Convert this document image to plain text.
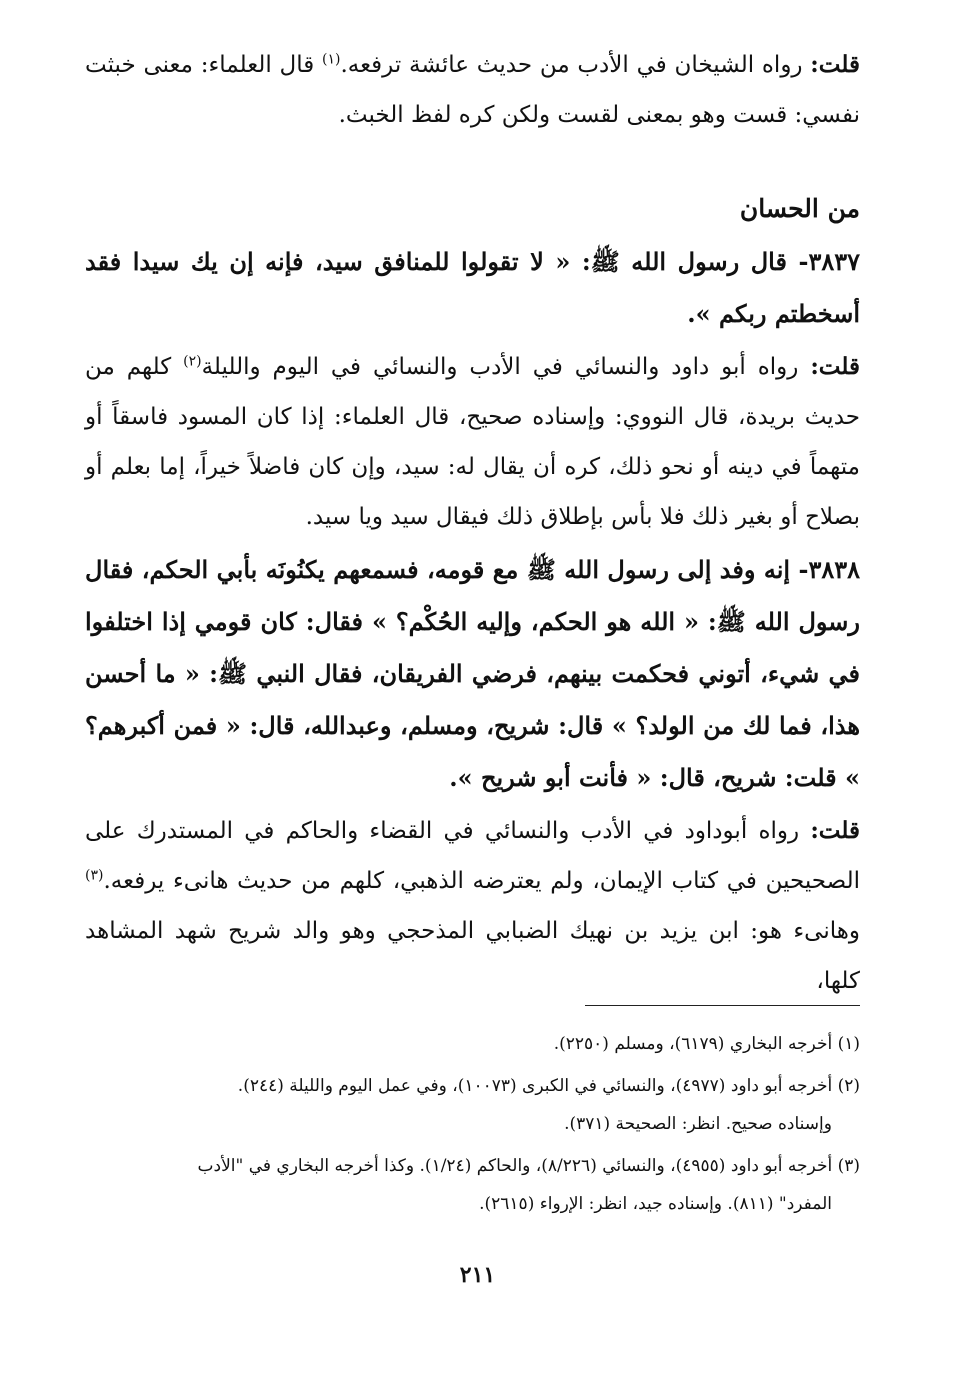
قلت: رواه الشيخان في الأدب من حديث عائشة ترفعه.$^{(١)}$ قال العلماء: معنى خبثت نفسي: قست وهو بمعنى لقست ولكن كره لفظ الخبث.

من الحسان

٣٨٣٧- قال رسول الله ﷺ: « لا تقولوا للمنافق سيد، فإنه إن يك سيدا فقد أسخطتم ربكم ».

قلت: رواه أبو داود والنسائي في الأدب والنسائي في اليوم والليلة$^{(٢)}$ كلهم من حديث بريدة، قال النووي: وإسناده صحيح، قال العلماء: إذا كان المسود فاسقاً أو متهماً في دينه أو نحو ذلك، كره أن يقال له: سيد، وإن كان فاضلاً خيراً، إما بعلم أو بصلاح أو بغير ذلك فلا بأس بإطلاق ذلك فيقال سيد ويا سيد.

٣٨٣٨- إنه وفد إلى رسول الله ﷺ مع قومه، فسمعهم يكنُونَه بأبي الحكم، فقال رسول الله ﷺ: « الله هو الحكم، وإليه الحُكْم؟ » فقال: كان قومي إذا اختلفوا في شيء، أتوني فحكمت بينهم، فرضي الفريقان، فقال النبي ﷺ: « ما أحسن هذا، فما لك من الولد؟ » قال: شريح، ومسلم، وعبدالله، قال: « فمن أكبرهم؟ » قلت: شريح، قال: « فأنت أبو شريح ».

قلت: رواه أبوداود في الأدب والنسائي في القضاء والحاكم في المستدرك على الصحيحين في كتاب الإيمان، ولم يعترضه الذهبي، كلهم من حديث هانىء يرفعه.$^{(٣)}$ وهانىء هو: ابن يزيد بن نهيك الضبابي المذحجي وهو والد شريح شهد المشاهد كلها،

(١) أخرجه البخاري (٦١٧٩)، ومسلم (٢٢٥٠).
(٢) أخرجه أبو داود (٤٩٧٧)، والنسائي في الكبرى (١٠٠٧٣)، وفي عمل اليوم والليلة (٢٤٤).
وإسناده صحيح. انظر: الصحيحة (٣٧١).
(٣) أخرجه أبو داود (٤٩٥٥)، والنسائي (٨/٢٢٦)، والحاكم (١/٢٤). وكذا أخرجه البخاري في "الأدب
المفرد" (٨١١). وإسناده جيد، انظر: الإرواء (٢٦١٥).
٢١١
